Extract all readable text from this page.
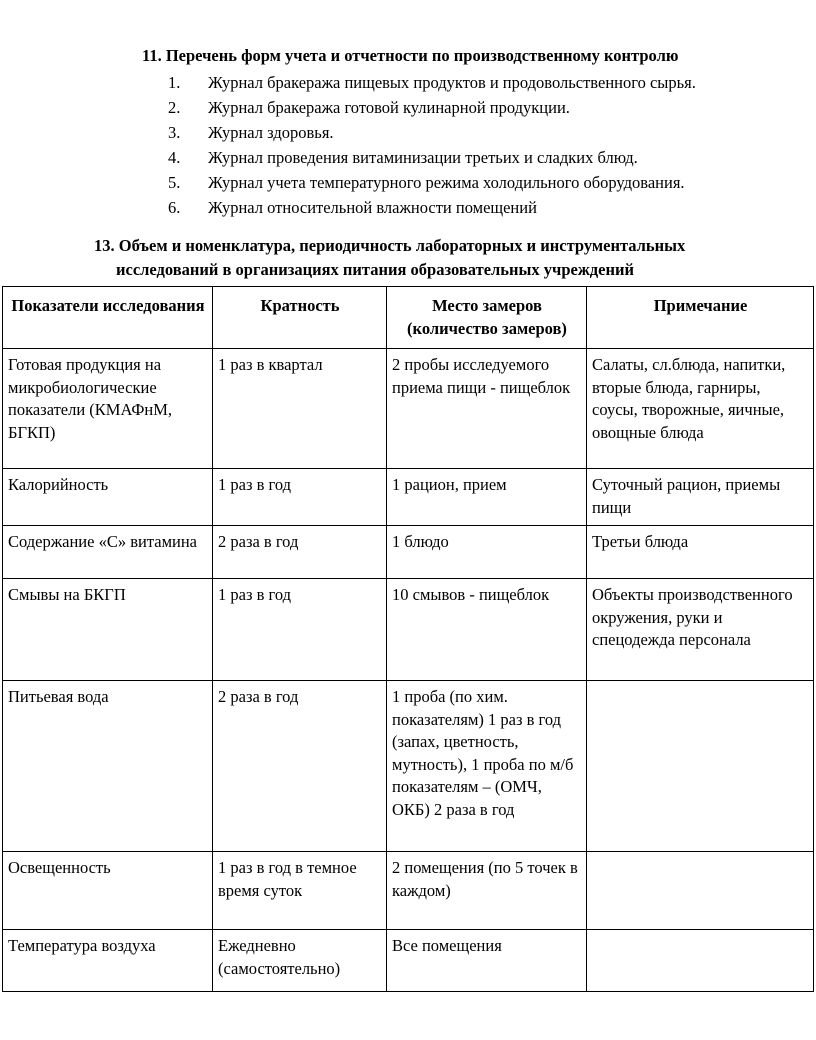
11. Перечень форм учета и отчетности по производственному контролю

1. Журнал бракеража пищевых продуктов и продовольственного сырья.
2. Журнал бракеража готовой кулинарной продукции.
3. Журнал здоровья.
4. Журнал проведения витаминизации третьих и сладких блюд.
5. Журнал учета температурного режима холодильного оборудования.
6. Журнал относительной влажности помещений

13. Объем и номенклатура, периодичность лабораторных и инструментальных
исследований в организациях питания образовательных учреждений

Показатели исследования	Кратность	Место замеров (количество замеров)	Примечание
Готовая продукция на микробиологические показатели (КМАФнМ, БГКП)	1 раз в квартал	2 пробы исследуемого приема пищи - пищеблок	Салаты, сл.блюда, напитки, вторые блюда, гарниры, соусы, творожные, яичные, овощные блюда
Калорийность	1 раз в год	1 рацион, прием	Суточный рацион, приемы пищи
Содержание «С» витамина	2 раза в год	1 блюдо	Третьи блюда
Смывы на БКГП	1 раз в год	10 смывов - пищеблок	Объекты производственного окружения, руки и спецодежда персонала
Питьевая вода	2 раза в год	1 проба (по хим. показателям) 1 раз в год (запах, цветность, мутность), 1 проба по м/б показателям – (ОМЧ, ОКБ) 2 раза в год	
Освещенность	1 раз в год в темное время суток	2 помещения (по 5 точек в каждом)	
Температура воздуха	Ежедневно (самостоятельно)	Все помещения	
